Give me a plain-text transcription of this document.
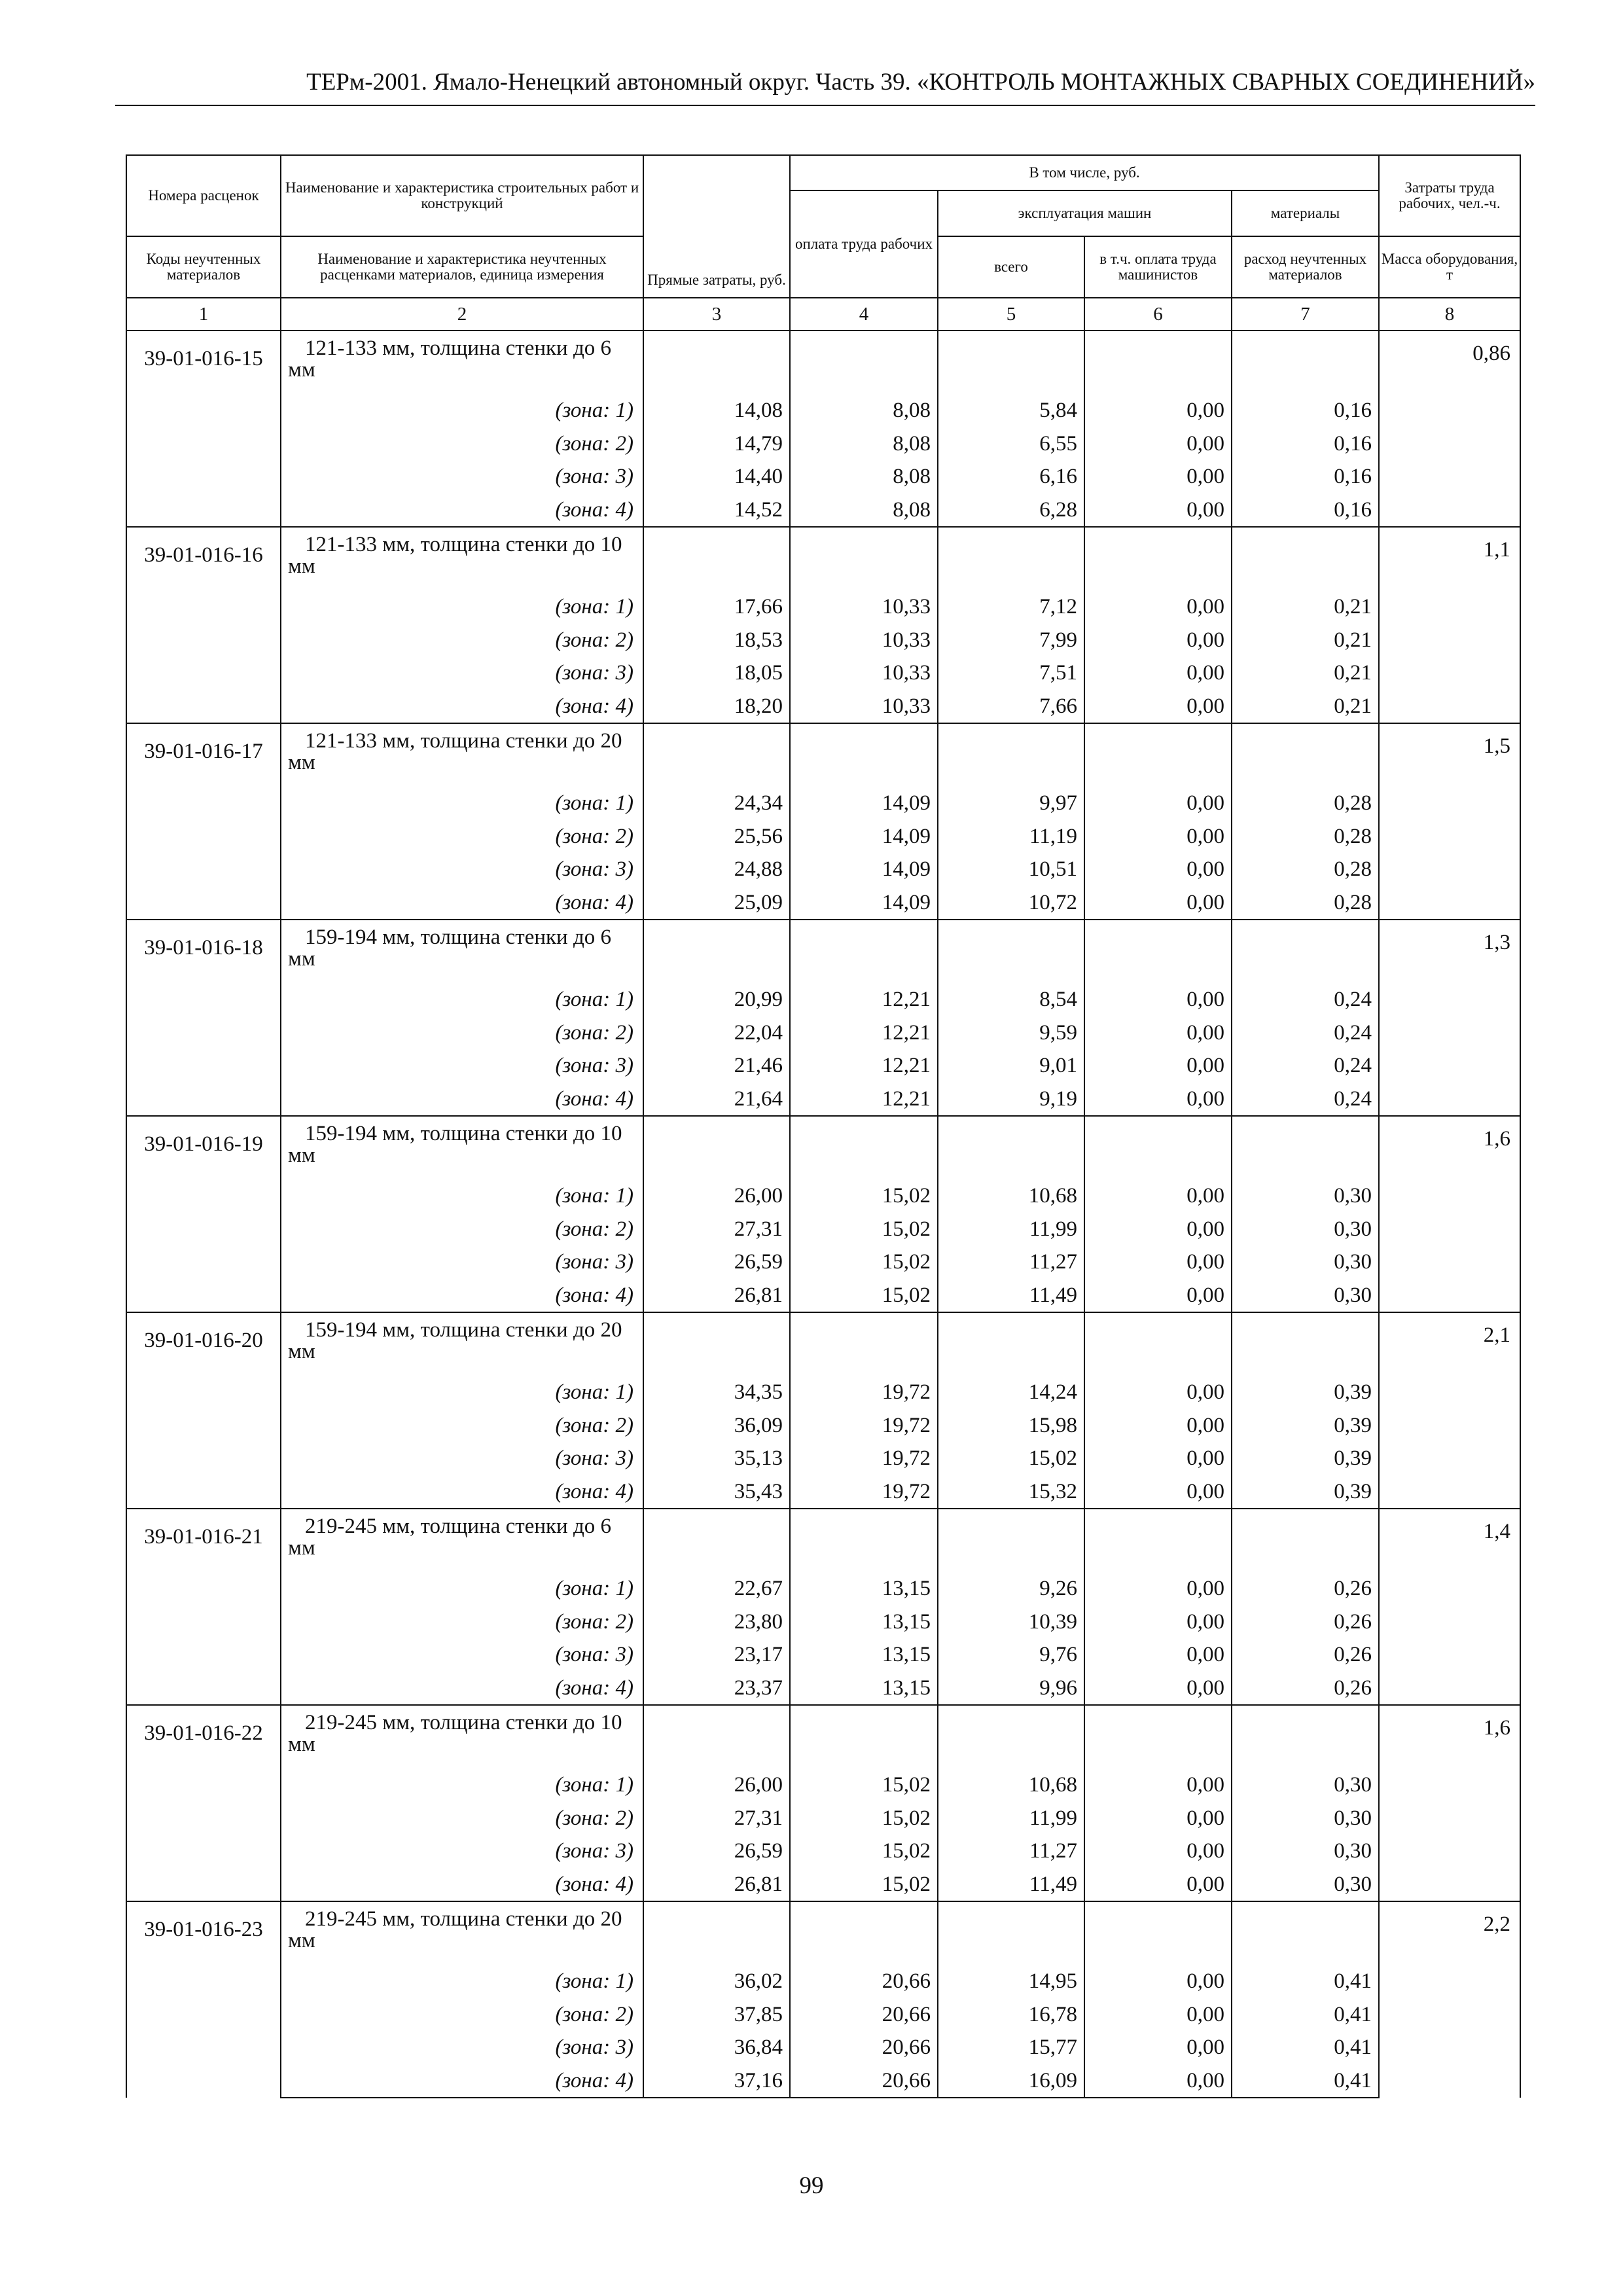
ТЕРм-2001. Ямало-Ненецкий автономный округ. Часть 39. «КОНТРОЛЬ МОНТАЖНЫХ СВАРНЫХ СОЕДИНЕНИЙ»
Номера расценок	Наименование и характеристика строительных работ и конструкций	Прямые затраты, руб.	В том числе, руб.				Затраты труда рабочих, чел.-ч.
			оплата труда рабочих	эксплуатация машин		материалы	
Коды неучтенных материалов	Наименование и характеристика неучтенных расценками материалов, единица измерения			всего	в т.ч. оплата труда машинистов	расход неучтенных материалов	Масса оборудования, т
1	2	3	4	5	6	7	8
39-01-016-15	121-133 мм, толщина стенки до 6 мм						0,86
	(зона: 1)	14,08	8,08	5,84	0,00	0,16	
	(зона: 2)	14,79	8,08	6,55	0,00	0,16	
	(зона: 3)	14,40	8,08	6,16	0,00	0,16	
	(зона: 4)	14,52	8,08	6,28	0,00	0,16	
39-01-016-16	121-133 мм, толщина стенки до 10 мм						1,1
	(зона: 1)	17,66	10,33	7,12	0,00	0,21	
	(зона: 2)	18,53	10,33	7,99	0,00	0,21	
	(зона: 3)	18,05	10,33	7,51	0,00	0,21	
	(зона: 4)	18,20	10,33	7,66	0,00	0,21	
39-01-016-17	121-133 мм, толщина стенки до 20 мм						1,5
	(зона: 1)	24,34	14,09	9,97	0,00	0,28	
	(зона: 2)	25,56	14,09	11,19	0,00	0,28	
	(зона: 3)	24,88	14,09	10,51	0,00	0,28	
	(зона: 4)	25,09	14,09	10,72	0,00	0,28	
39-01-016-18	159-194 мм, толщина стенки до 6 мм						1,3
	(зона: 1)	20,99	12,21	8,54	0,00	0,24	
	(зона: 2)	22,04	12,21	9,59	0,00	0,24	
	(зона: 3)	21,46	12,21	9,01	0,00	0,24	
	(зона: 4)	21,64	12,21	9,19	0,00	0,24	
39-01-016-19	159-194 мм, толщина стенки до 10 мм						1,6
	(зона: 1)	26,00	15,02	10,68	0,00	0,30	
	(зона: 2)	27,31	15,02	11,99	0,00	0,30	
	(зона: 3)	26,59	15,02	11,27	0,00	0,30	
	(зона: 4)	26,81	15,02	11,49	0,00	0,30	
39-01-016-20	159-194 мм, толщина стенки до 20 мм						2,1
	(зона: 1)	34,35	19,72	14,24	0,00	0,39	
	(зона: 2)	36,09	19,72	15,98	0,00	0,39	
	(зона: 3)	35,13	19,72	15,02	0,00	0,39	
	(зона: 4)	35,43	19,72	15,32	0,00	0,39	
39-01-016-21	219-245 мм, толщина стенки до 6 мм						1,4
	(зона: 1)	22,67	13,15	9,26	0,00	0,26	
	(зона: 2)	23,80	13,15	10,39	0,00	0,26	
	(зона: 3)	23,17	13,15	9,76	0,00	0,26	
	(зона: 4)	23,37	13,15	9,96	0,00	0,26	
39-01-016-22	219-245 мм, толщина стенки до 10 мм						1,6
	(зона: 1)	26,00	15,02	10,68	0,00	0,30	
	(зона: 2)	27,31	15,02	11,99	0,00	0,30	
	(зона: 3)	26,59	15,02	11,27	0,00	0,30	
	(зона: 4)	26,81	15,02	11,49	0,00	0,30	
39-01-016-23	219-245 мм, толщина стенки до 20 мм						2,2
	(зона: 1)	36,02	20,66	14,95	0,00	0,41	
	(зона: 2)	37,85	20,66	16,78	0,00	0,41	
	(зона: 3)	36,84	20,66	15,77	0,00	0,41	
	(зона: 4)	37,16	20,66	16,09	0,00	0,41	
99
